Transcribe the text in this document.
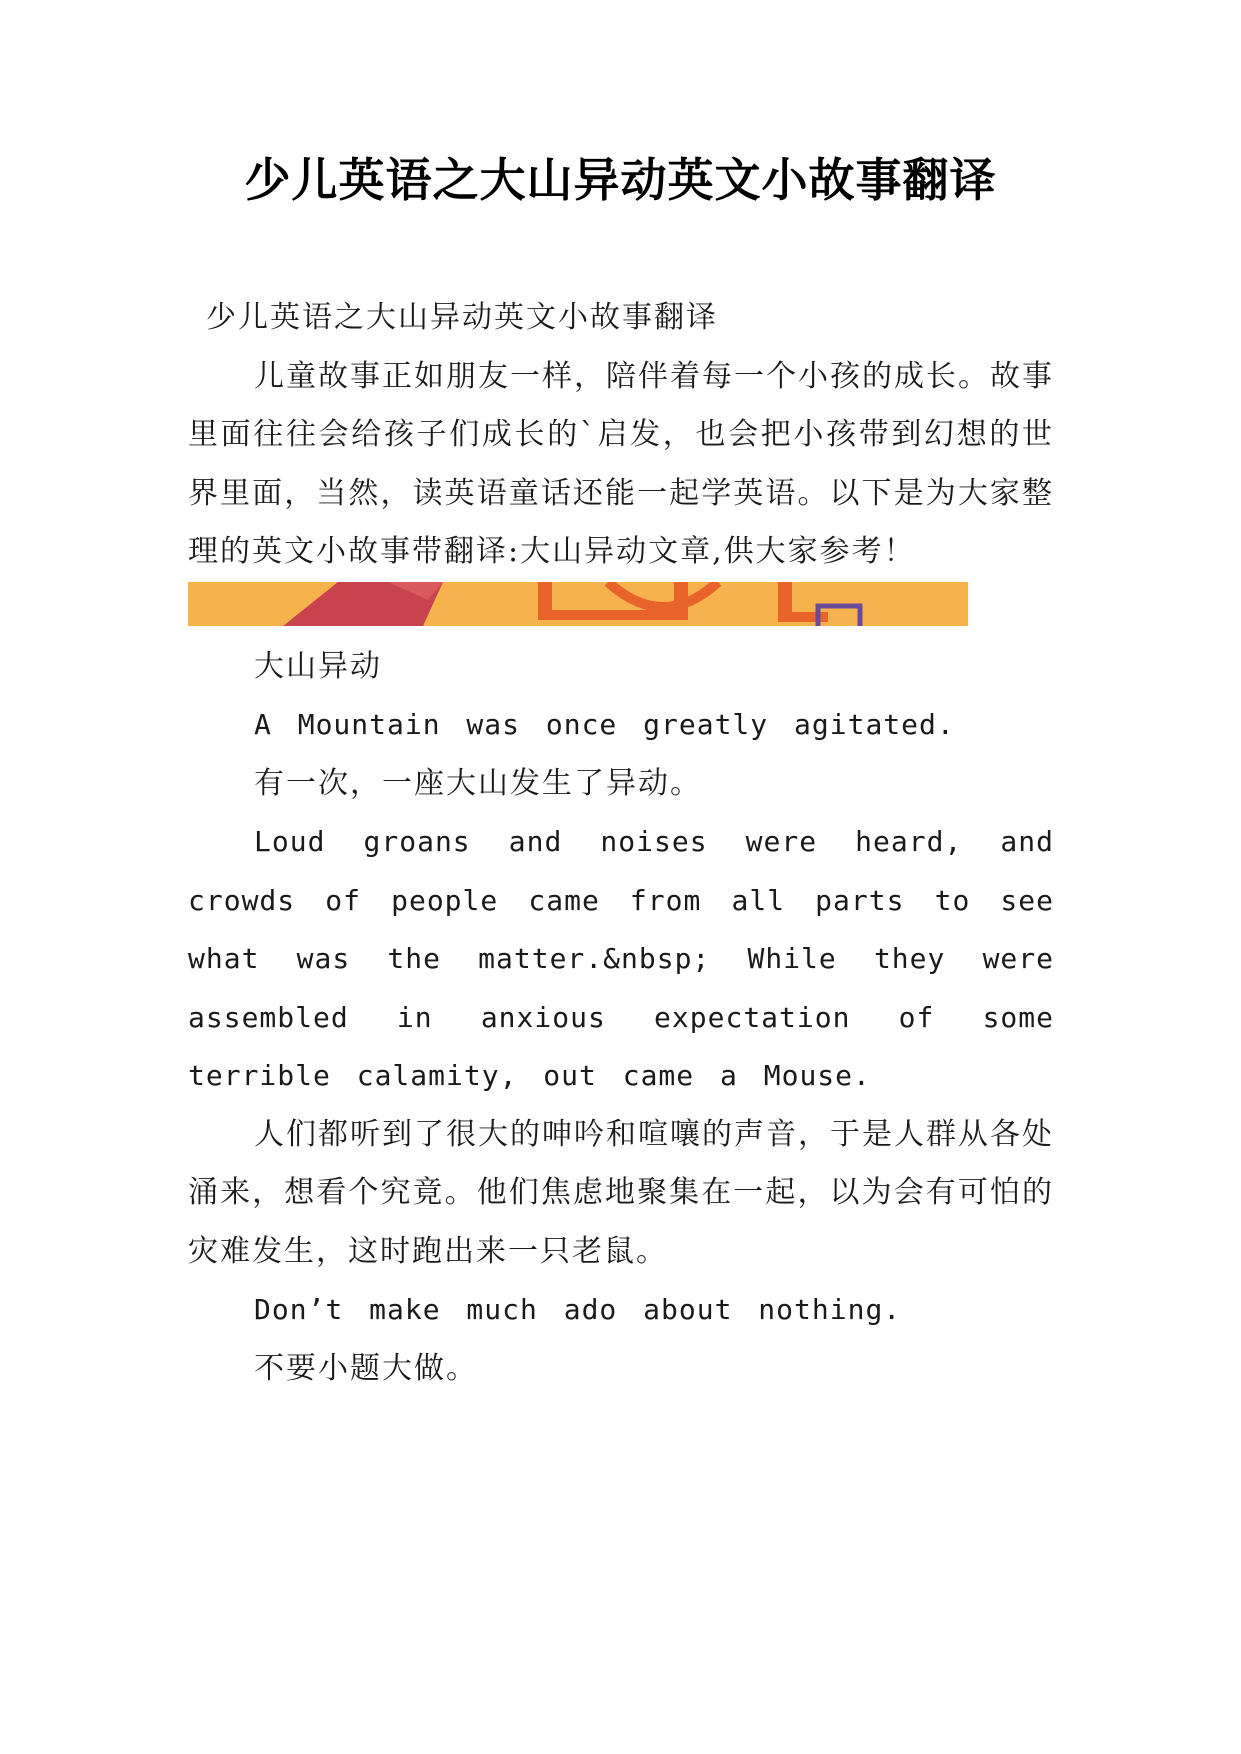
少儿英语之大山异动英文小故事翻译

少儿英语之大山异动英文小故事翻译

儿童故事正如朋友一样，陪伴着每一个小孩的成长。故事里面往往会给孩子们成长的`启发，也会把小孩带到幻想的世界里面，当然，读英语童话还能一起学英语。以下是为大家整理的英文小故事带翻译:大山异动文章,供大家参考！

大山异动

A Mountain was once greatly agitated.

有一次，一座大山发生了异动。

Loud groans and noises were heard, and crowds of people came from all parts to see what was the matter.&nbsp; While they were assembled in anxious expectation of some terrible calamity, out came a Mouse.

人们都听到了很大的呻吟和喧嚷的声音，于是人群从各处涌来，想看个究竟。他们焦虑地聚集在一起，以为会有可怕的灾难发生，这时跑出来一只老鼠。

Don’t make much ado about nothing.

不要小题大做。
